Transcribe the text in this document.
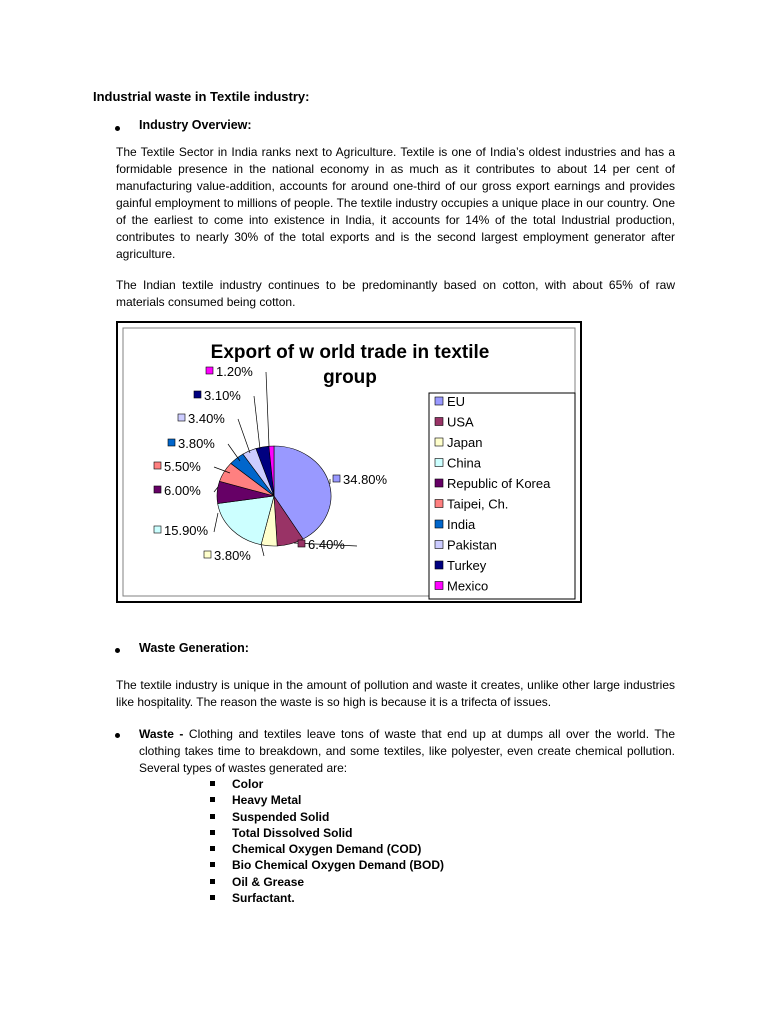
Industrial waste in Textile industry:
Industry Overview:

The Textile Sector in India ranks next to Agriculture. Textile is one of India’s oldest industries and has a formidable presence in the national economy in as much as it contributes to about 14 per cent of manufacturing value-addition, accounts for around one-third of our gross export earnings and provides gainful employment to millions of people. The textile industry occupies a unique place in our country. One of the earliest to come into existence in India, it accounts for 14% of the total Industrial production, contributes to nearly 30% of the total exports and is the second largest employment generator after agriculture.

The Indian textile industry continues to be predominantly based on cotton, with about 65% of raw materials consumed being cotton.

Export of w orld trade in textile
group
34.80%
6.40%
3.80%
15.90%
6.00%
5.50%
3.80%
3.40%
3.10%
1.20%
EU
USA
Japan
China
Republic of Korea
Taipei, Ch.
India
Pakistan
Turkey
Mexico
Waste Generation:

The textile industry is unique in the amount of pollution and waste it creates, unlike other large industries like hospitality. The reason the waste is so high is because it is a trifecta of issues.

Waste - Clothing and textiles leave tons of waste that end up at dumps all over the world. The clothing takes time to breakdown, and some textiles, like polyester, even create chemical pollution. Several types of wastes generated are:

Color
Heavy Metal
Suspended Solid
Total Dissolved Solid
Chemical Oxygen Demand (COD)
Bio Chemical Oxygen Demand (BOD)
Oil & Grease
Surfactant.
